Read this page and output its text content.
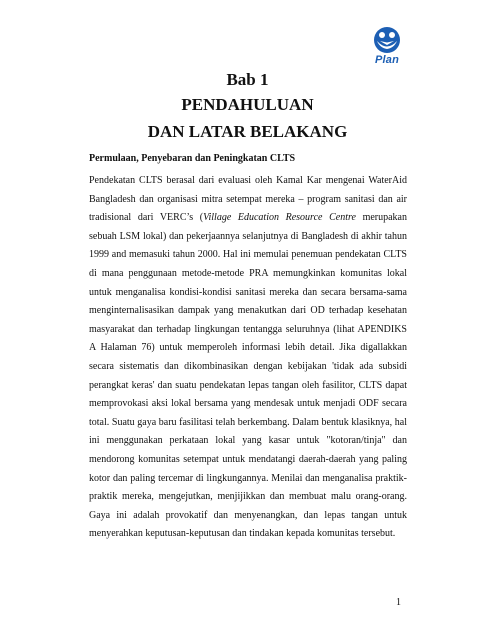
Plan
Bab 1
PENDAHULUAN
DAN LATAR BELAKANG
Permulaan, Penyebaran dan Peningkatan CLTS

Pendekatan CLTS berasal dari evaluasi oleh Kamal Kar mengenai WaterAid Bangladesh dan organisasi mitra setempat mereka – program sanitasi dan air tradisional dari VERC’s (Village Education Resource Centre merupakan sebuah LSM lokal) dan pekerjaannya selanjutnya di Bangladesh di akhir tahun 1999 and memasuki tahun 2000. Hal ini memulai penemuan pendekatan CLTS di mana penggunaan metode-metode PRA memungkinkan komunitas lokal untuk menganalisa kondisi-kondisi sanitasi mereka dan secara bersama-sama menginternalisasikan dampak yang menakutkan dari OD terhadap kesehatan masyarakat dan terhadap lingkungan tentangga seluruhnya (lihat APENDIKS A Halaman 76) untuk memperoleh informasi lebih detail. Jika digallakkan secara sistematis dan dikombinasikan dengan kebijakan 'tidak ada subsidi perangkat keras' dan suatu pendekatan lepas tangan oleh fasilitor, CLTS dapat memprovokasi aksi lokal bersama yang mendesak untuk menjadi ODF secara total. Suatu gaya baru fasilitasi telah berkembang. Dalam bentuk klasiknya, hal ini menggunakan perkataan lokal yang kasar untuk "kotoran/tinja" dan mendorong komunitas setempat untuk mendatangi daerah-daerah yang paling kotor dan paling tercemar di lingkungannya. Menilai dan menganalisa praktik-praktik mereka, mengejutkan, menjijikkan dan membuat malu orang-orang. Gaya ini adalah provokatif dan menyenangkan, dan lepas tangan untuk menyerahkan keputusan-keputusan dan tindakan kepada komunitas tersebut.

1
